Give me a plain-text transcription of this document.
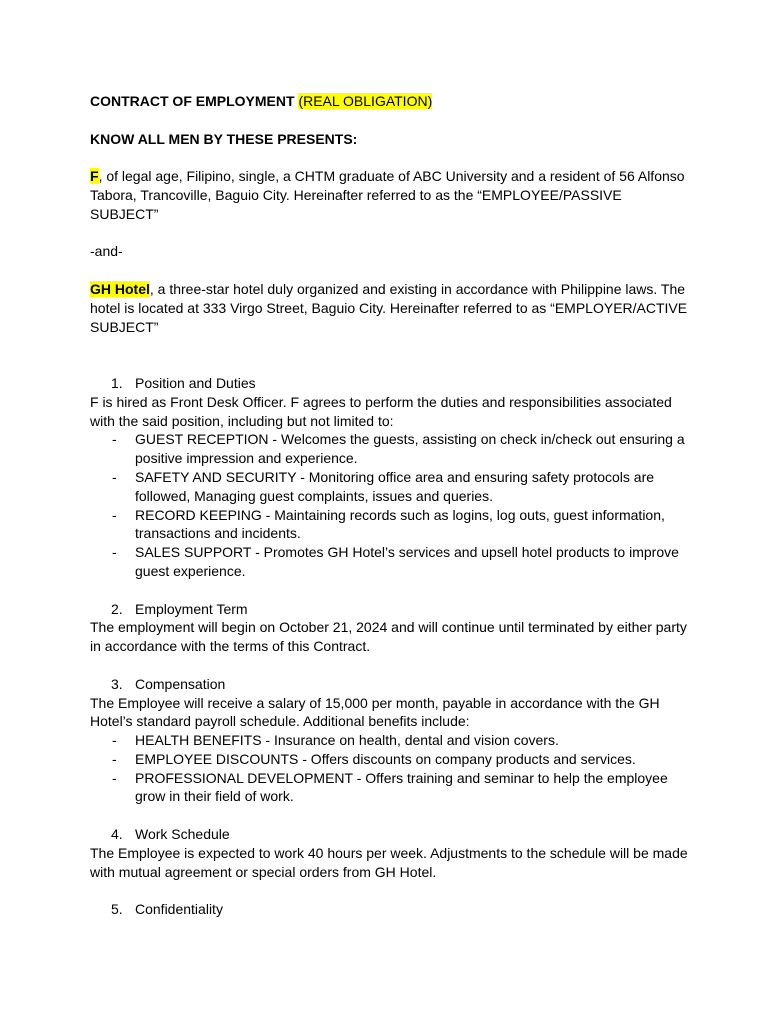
CONTRACT OF EMPLOYMENT (REAL OBLIGATION)

KNOW ALL MEN BY THESE PRESENTS:

F, of legal age, Filipino, single, a CHTM graduate of ABC University and a resident of 56 Alfonso Tabora, Trancoville, Baguio City. Hereinafter referred to as the “EMPLOYEE/PASSIVE SUBJECT”

-and-

GH Hotel, a three-star hotel duly organized and existing in accordance with Philippine laws. The hotel is located at 333 Virgo Street, Baguio City. Hereinafter referred to as “EMPLOYER/ACTIVE SUBJECT”

1. Position and Duties

F is hired as Front Desk Officer. F agrees to perform the duties and responsibilities associated with the said position, including but not limited to:

- GUEST RECEPTION - Welcomes the guests, assisting on check in/check out ensuring a positive impression and experience.
- SAFETY AND SECURITY - Monitoring office area and ensuring safety protocols are followed, Managing guest complaints, issues and queries.
- RECORD KEEPING - Maintaining records such as logins, log outs, guest information, transactions and incidents.
- SALES SUPPORT - Promotes GH Hotel’s services and upsell hotel products to improve guest experience.
2. Employment Term

The employment will begin on October 21, 2024 and will continue until terminated by either party in accordance with the terms of this Contract.

3. Compensation

The Employee will receive a salary of 15,000 per month, payable in accordance with the GH Hotel’s standard payroll schedule. Additional benefits include:

- HEALTH BENEFITS - Insurance on health, dental and vision covers.
- EMPLOYEE DISCOUNTS - Offers discounts on company products and services.
- PROFESSIONAL DEVELOPMENT - Offers training and seminar to help the employee grow in their field of work.
4. Work Schedule

The Employee is expected to work 40 hours per week. Adjustments to the schedule will be made with mutual agreement or special orders from GH Hotel.

5. Confidentiality
